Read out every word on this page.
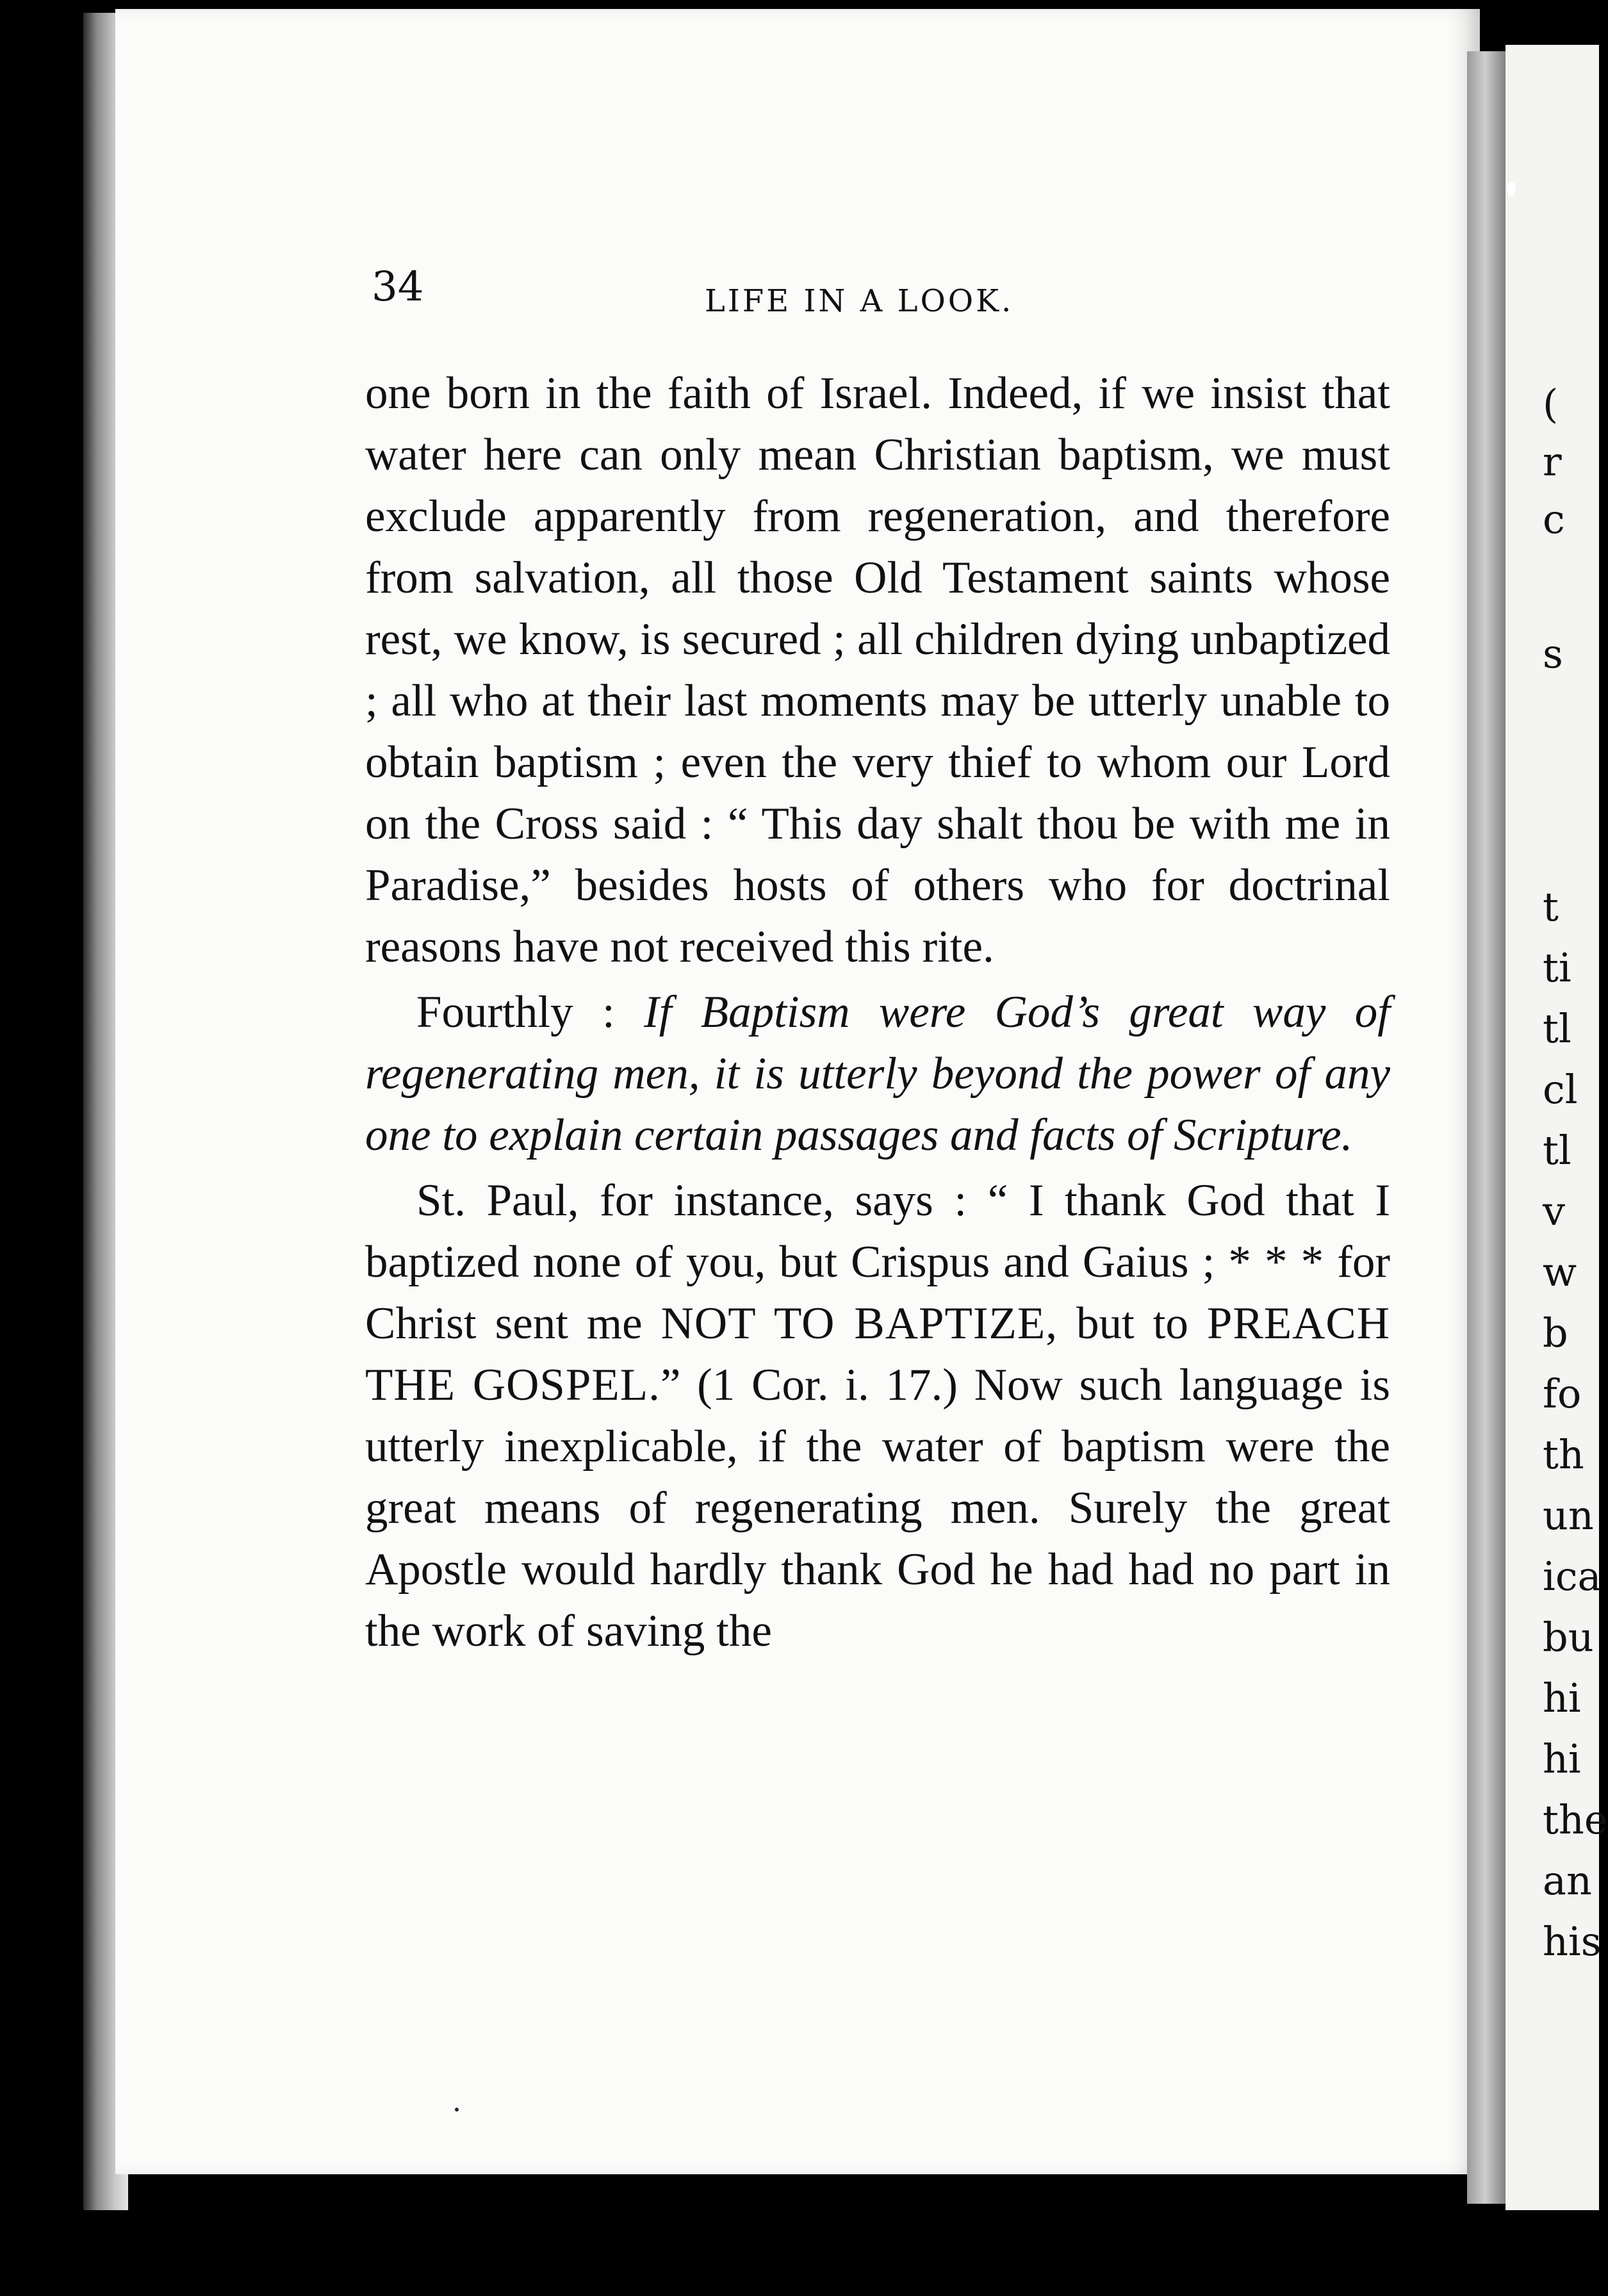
(
r
c
s
t
ti
tl
cl
tl
v
w
b
fo
th
un
ica
bu
hi
hi
the
an
his
34	LIFE IN A LOOK.

one born in the faith of Israel. Indeed, if we insist that water here can only mean Christian baptism, we must exclude apparently from regeneration, and therefore from salvation, all those Old Testament saints whose rest, we know, is secured ; all children dying unbaptized ; all who at their last moments may be utterly unable to obtain baptism ; even the very thief to whom our Lord on the Cross said : “ This day shalt thou be with me in Paradise,” besides hosts of others who for doctrinal reasons have not received this rite.

Fourthly : If Baptism were God’s great way of regenerating men, it is utterly beyond the power of any one to explain certain passages and facts of Scripture.

St. Paul, for instance, says : “ I thank God that I baptized none of you, but Crispus and Gaius ; * * * for Christ sent me NOT TO BAPTIZE, but to PREACH THE GOSPEL.” (1 Cor. i. 17.) Now such language is utterly inexplicable, if the water of baptism were the great means of regenerating men. Surely the great Apostle would hardly thank God he had had no part in the work of saving the
